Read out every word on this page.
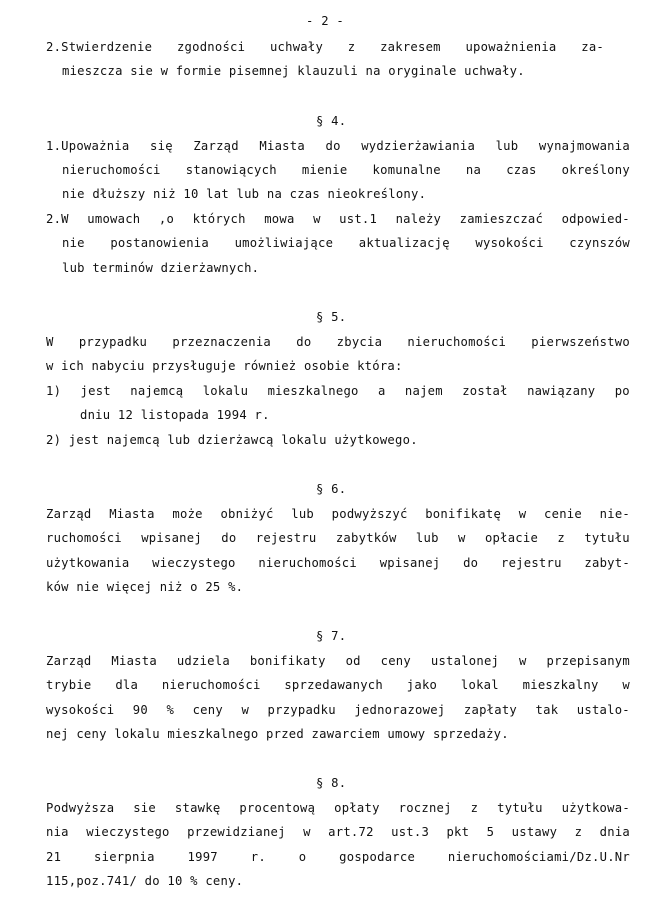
- 2 -
2.Stwierdzenie zgodności uchwały z zakresem upoważnienia za-
mieszcza sie w formie pisemnej klauzuli na oryginale uchwały.
§ 4.
1.Upoważnia się Zarząd Miasta do wydzierżawiania lub wynajmowania
nieruchomości stanowiących mienie komunalne na czas określony
nie dłuższy niż 10 lat lub na czas nieokreślony.
2.W umowach ,o których mowa w ust.1 należy zamieszczać odpowied-
nie postanowienia umożliwiające aktualizację wysokości czynszów
lub terminów dzierżawnych.
§ 5.
W przypadku przeznaczenia do zbycia nieruchomości pierwszeństwo
w ich nabyciu przysługuje również osobie która:
1) jest najemcą lokalu mieszkalnego a najem został nawiązany po
dniu 12 listopada 1994 r.
2) jest najemcą lub dzierżawcą lokalu użytkowego.
§ 6.
Zarząd Miasta może obniżyć lub podwyższyć bonifikatę w cenie nie-
ruchomości wpisanej do rejestru zabytków lub w opłacie z tytułu
użytkowania wieczystego nieruchomości wpisanej do rejestru zabyt-
ków nie więcej niż o 25 %.
§ 7.
Zarząd Miasta udziela bonifikaty od ceny ustalonej w przepisanym
trybie dla nieruchomości sprzedawanych jako lokal mieszkalny w
wysokości 90 % ceny w przypadku jednorazowej zapłaty tak ustalo-
nej ceny lokalu mieszkalnego przed zawarciem umowy sprzedaży.
§ 8.
Podwyższa sie stawkę procentową opłaty rocznej z tytułu użytkowa-
nia wieczystego przewidzianej w art.72 ust.3 pkt 5 ustawy z dnia
21	sierpnia	1997	r.	o	gospodarce	nieruchomościami/Dz.U.Nr
115,poz.741/ do 10 % ceny.
